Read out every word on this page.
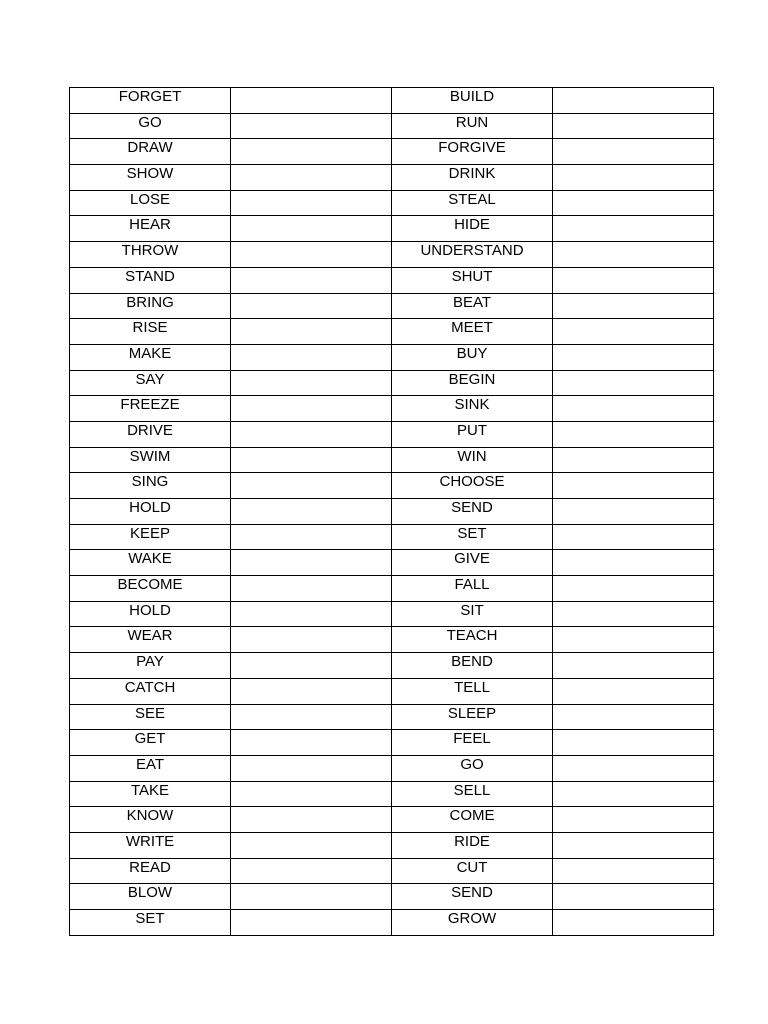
FORGET		BUILD	

GO		RUN	

DRAW		FORGIVE	

SHOW		DRINK	

LOSE		STEAL	

HEAR		HIDE	

THROW		UNDERSTAND	

STAND		SHUT	

BRING		BEAT	

RISE		MEET	

MAKE		BUY	

SAY		BEGIN	

FREEZE		SINK	

DRIVE		PUT	

SWIM		WIN	

SING		CHOOSE	

HOLD		SEND	

KEEP		SET	

WAKE		GIVE	

BECOME		FALL	

HOLD		SIT	

WEAR		TEACH	

PAY		BEND	

CATCH		TELL	

SEE		SLEEP	

GET		FEEL	

EAT		GO	

TAKE		SELL	

KNOW		COME	

WRITE		RIDE	

READ		CUT	

BLOW		SEND	

SET		GROW	
